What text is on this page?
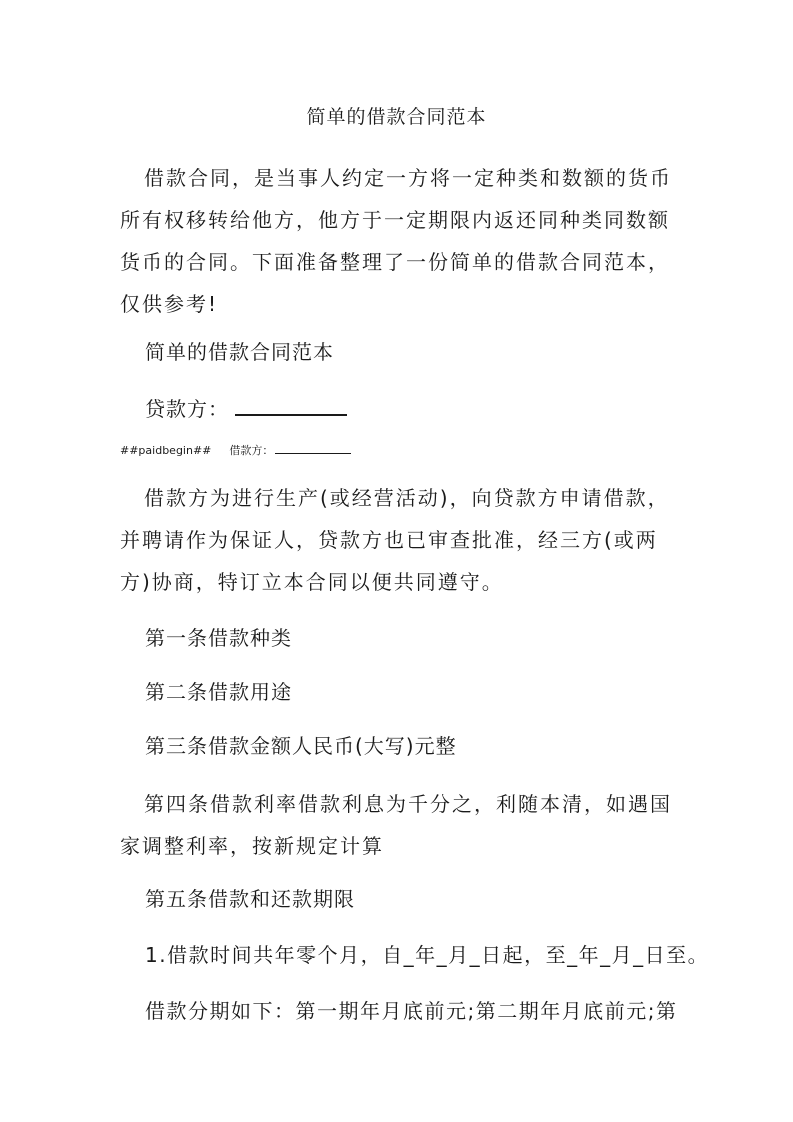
简单的借款合同范本

借款合同，是当事人约定一方将一定种类和数额的货币所有权移转给他方，他方于一定期限内返还同种类同数额货币的合同。下面准备整理了一份简单的借款合同范本，仅供参考!

简单的借款合同范本
贷款方：
##paidbegin## 借款方：

借款方为进行生产(或经营活动)，向贷款方申请借款，并聘请作为保证人，贷款方也已审查批准，经三方(或两方)协商，特订立本合同以便共同遵守。

第一条借款种类
第二条借款用途
第三条借款金额人民币(大写)元整

第四条借款利率借款利息为千分之，利随本清，如遇国家调整利率，按新规定计算

第五条借款和还款期限
1.借款时间共年零个月，自_年_月_日起，至_年_月_日至。
借款分期如下：第一期年月底前元;第二期年月底前元;第
